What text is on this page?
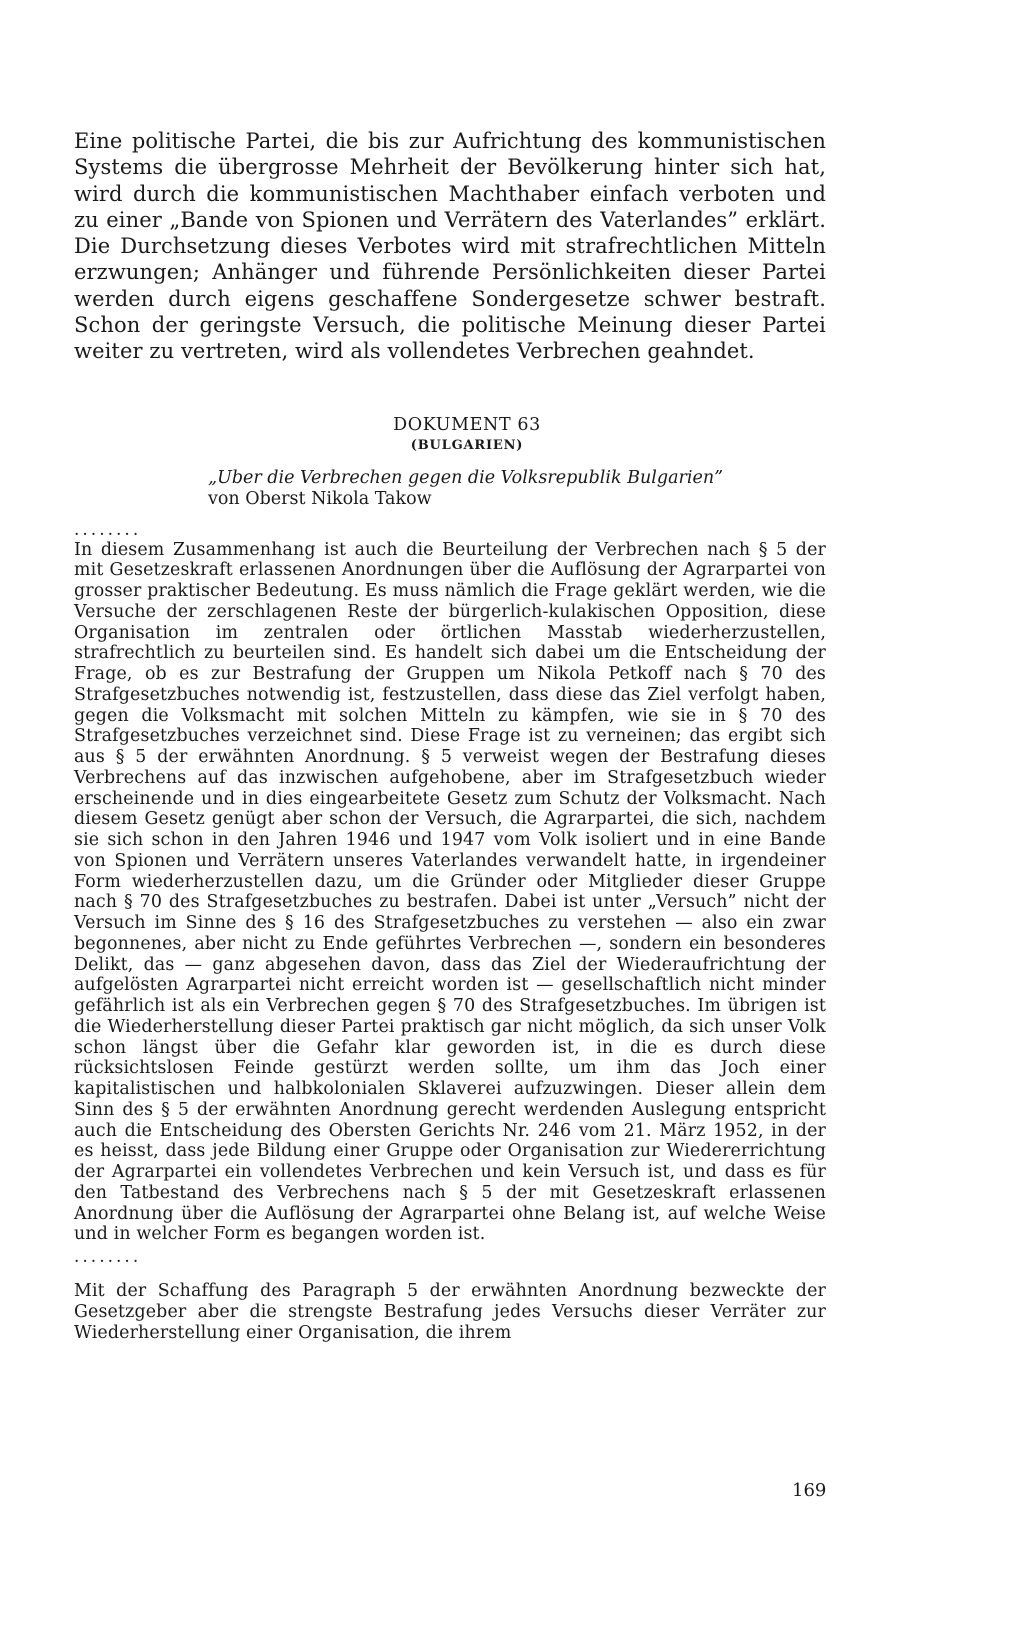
Eine politische Partei, die bis zur Aufrichtung des kommunistischen Systems die übergrosse Mehrheit der Bevölkerung hinter sich hat, wird durch die kommunistischen Machthaber einfach verboten und zu einer „Bande von Spionen und Verrätern des Vaterlandes” erklärt. Die Durchsetzung dieses Verbotes wird mit strafrechtlichen Mitteln erzwungen; Anhänger und führende Persönlichkeiten dieser Partei werden durch eigens geschaffene Sondergesetze schwer bestraft. Schon der geringste Versuch, die politische Meinung dieser Partei weiter zu vertreten, wird als vollendetes Verbrechen geahndet.

DOKUMENT 63
(BULGARIEN)
„Uber die Verbrechen gegen die Volksrepublik Bulgarien”
von Oberst Nikola Takow
........

In diesem Zusammenhang ist auch die Beurteilung der Verbrechen nach § 5 der mit Gesetzeskraft erlassenen Anordnungen über die Auflösung der Agrarpartei von grosser praktischer Bedeutung. Es muss nämlich die Frage geklärt werden, wie die Versuche der zerschlagenen Reste der bürgerlich-kulakischen Opposition, diese Organisation im zentralen oder örtlichen Masstab wiederherzustellen, strafrechtlich zu beurteilen sind. Es handelt sich dabei um die Entscheidung der Frage, ob es zur Bestrafung der Gruppen um Nikola Petkoff nach § 70 des Strafgesetzbuches notwendig ist, festzustellen, dass diese das Ziel verfolgt haben, gegen die Volksmacht mit solchen Mitteln zu kämpfen, wie sie in § 70 des Strafgesetzbuches verzeichnet sind. Diese Frage ist zu verneinen; das ergibt sich aus § 5 der erwähnten Anordnung. § 5 verweist wegen der Bestrafung dieses Verbrechens auf das inzwischen aufgehobene, aber im Strafgesetzbuch wieder erscheinende und in dies eingearbeitete Gesetz zum Schutz der Volksmacht. Nach diesem Gesetz genügt aber schon der Versuch, die Agrarpartei, die sich, nachdem sie sich schon in den Jahren 1946 und 1947 vom Volk isoliert und in eine Bande von Spionen und Verrätern unseres Vaterlandes verwandelt hatte, in irgendeiner Form wiederherzustellen dazu, um die Gründer oder Mitglieder dieser Gruppe nach § 70 des Strafgesetzbuches zu bestrafen. Dabei ist unter „Versuch” nicht der Versuch im Sinne des § 16 des Strafgesetzbuches zu verstehen — also ein zwar begonnenes, aber nicht zu Ende geführtes Verbrechen —, sondern ein besonderes Delikt, das — ganz abgesehen davon, dass das Ziel der Wiederaufrichtung der aufgelösten Agrarpartei nicht erreicht worden ist — gesellschaftlich nicht minder gefährlich ist als ein Verbrechen gegen § 70 des Strafgesetzbuches. Im übrigen ist die Wiederherstellung dieser Partei praktisch gar nicht möglich, da sich unser Volk schon längst über die Gefahr klar geworden ist, in die es durch diese rücksichtslosen Feinde gestürzt werden sollte, um ihm das Joch einer kapitalistischen und halbkolonialen Sklaverei aufzuzwingen. Dieser allein dem Sinn des § 5 der erwähnten Anordnung gerecht werdenden Auslegung entspricht auch die Entscheidung des Obersten Gerichts Nr. 246 vom 21. März 1952, in der es heisst, dass jede Bildung einer Gruppe oder Organisation zur Wiedererrichtung der Agrarpartei ein vollendetes Verbrechen und kein Versuch ist, und dass es für den Tatbestand des Verbrechens nach § 5 der mit Gesetzeskraft erlassenen Anordnung über die Auflösung der Agrarpartei ohne Belang ist, auf welche Weise und in welcher Form es begangen worden ist.

........

Mit der Schaffung des Paragraph 5 der erwähnten Anordnung bezweckte der Gesetzgeber aber die strengste Bestrafung jedes Versuchs dieser Verräter zur Wiederherstellung einer Organisation, die ihrem

169
